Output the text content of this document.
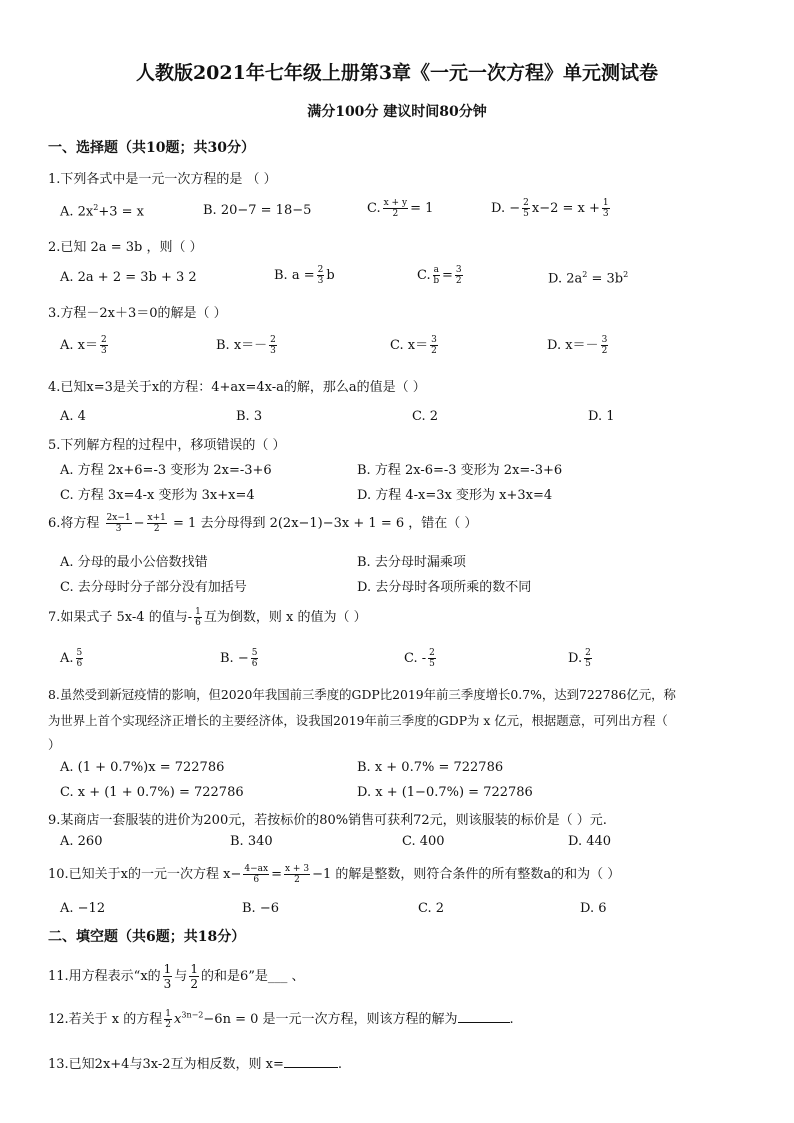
人教版2021年七年级上册第3章《一元一次方程》单元测试卷
满分100分 建议时间80分钟
一、选择题（共10题；共30分）
1.下列各式中是一元一次方程的是 （ ）
A. $2x^2+3 = x$	B. 20−7 = 18−5	C. $\frac{x + y}{2} = 1$	D. − $\frac{2}{5} x-2 = x + \frac{1}{3}$
2.已知 2a = 3b ，则（ ）
A. 2a + 2 = 3b + 3 2	B. $a = \frac{2}{3}$ b	C. $\frac{a}{b} = \frac{3}{2}$	D. $2a^2 = 3b^2$
3.方程－2x＋3＝0的解是（ ）
A. $x= \frac{2}{3}$	B. $x=- \frac{2}{3}$	C. $x= \frac{3}{2}$	D. $x=- \frac{3}{2}$
4.已知x=3是关于x的方程：4+ax=4x-a的解，那么a的值是（ ）
A. 4	B. 3	C. 2	D. 1
5.下列解方程的过程中，移项错误的（ ）
A. 方程 2x+6=-3 变形为 2x=-3+6	B. 方程 2x-6=-3 变形为 2x=-3+6
C. 方程 3x=4-x 变形为 3x+x=4	D. 方程 4-x=3x 变形为 x+3x=4
6.将方程 $\frac{2x-1}{3} - \frac{x+1}{2} = 1$ 去分母得到 2(2x−1)−3x + 1 = 6 ，错在（ ）
A. 分母的最小公倍数找错	B. 去分母时漏乘项
C. 去分母时分子部分没有加括号	D. 去分母时各项所乘的数不同
7.如果式子 5x-4 的值与- $\frac{1}{6}$ 互为倒数，则 x 的值为（ ）
A. $\frac{5}{6}$	B. − $\frac{5}{6}$	C. - $\frac{2}{5}$	D. $\frac{2}{5}$
8.虽然受到新冠疫情的影响，但2020年我国前三季度的GDP比2019年前三季度增长0.7%，达到722786亿元，称
为世界上首个实现经济正增长的主要经济体，设我国2019年前三季度的GDP为 x 亿元，根据题意，可列出方程（
）
A. (1 + 0.7%)x = 722786	B. x + 0.7% = 722786
C. x + (1 + 0.7%) = 722786	D. x + (1−0.7%) = 722786
9.某商店一套服装的进价为200元，若按标价的80%销售可获利72元，则该服装的标价是（ ）元.
A. 260	B. 340	C. 400	D. 440
10.已知关于x的一元一次方程 $x- \frac{4-ax}{6} = \frac{x + 3}{2} -1$ 的解是整数，则符合条件的所有整数a的和为（ ）
A. −12	B. −6	C. 2	D. 6
二、填空题（共6题；共18分）
11.用方程表示“x的 $\frac{1}{3}$ 与 $\frac{1}{2}$ 的和是6”是___ 、
12.若关于 x 的方程 $\frac{1}{2} x^{3n-2}-6n = 0$ 是一元一次方程，则该方程的解为	.
13.已知2x+4与3x-2互为相反数，则 x=	.
